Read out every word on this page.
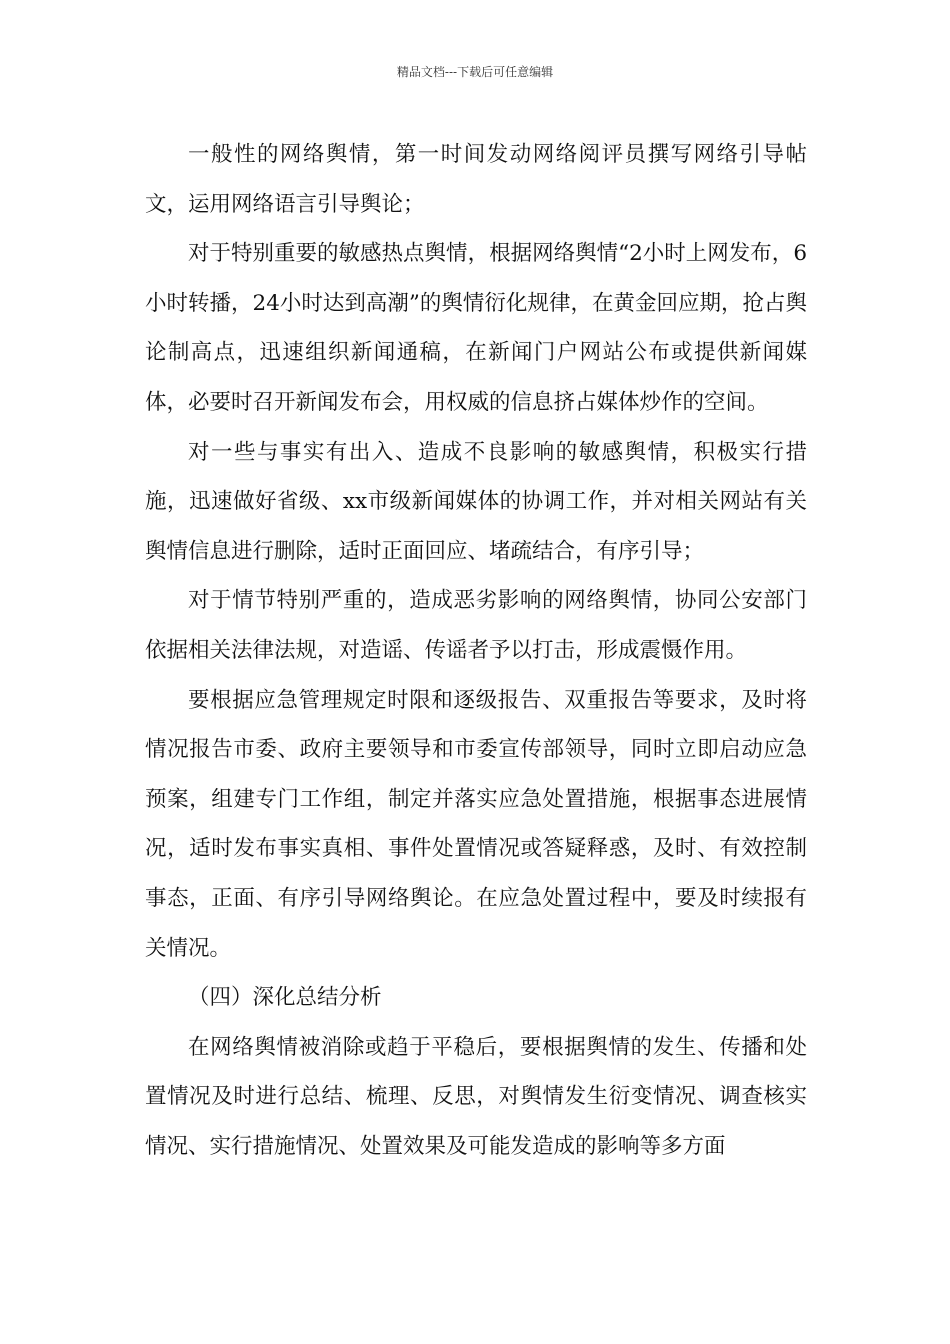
精品文档---下载后可任意编辑

一般性的网络舆情，第一时间发动网络阅评员撰写网络引导帖文，运用网络语言引导舆论；

对于特别重要的敏感热点舆情，根据网络舆情“2小时上网发布，6小时转播，24小时达到高潮”的舆情衍化规律，在黄金回应期，抢占舆论制高点，迅速组织新闻通稿，在新闻门户网站公布或提供新闻媒体，必要时召开新闻发布会，用权威的信息挤占媒体炒作的空间。

对一些与事实有出入、造成不良影响的敏感舆情，积极实行措施，迅速做好省级、xx市级新闻媒体的协调工作，并对相关网站有关舆情信息进行删除，适时正面回应、堵疏结合，有序引导；

对于情节特别严重的，造成恶劣影响的网络舆情，协同公安部门依据相关法律法规，对造谣、传谣者予以打击，形成震慑作用。

要根据应急管理规定时限和逐级报告、双重报告等要求，及时将情况报告市委、政府主要领导和市委宣传部领导，同时立即启动应急预案，组建专门工作组，制定并落实应急处置措施，根据事态进展情况，适时发布事实真相、事件处置情况或答疑释惑，及时、有效控制事态，正面、有序引导网络舆论。在应急处置过程中，要及时续报有关情况。

（四）深化总结分析

在网络舆情被消除或趋于平稳后，要根据舆情的发生、传播和处置情况及时进行总结、梳理、反思，对舆情发生衍变情况、调查核实情况、实行措施情况、处置效果及可能发造成的影响等多方面
